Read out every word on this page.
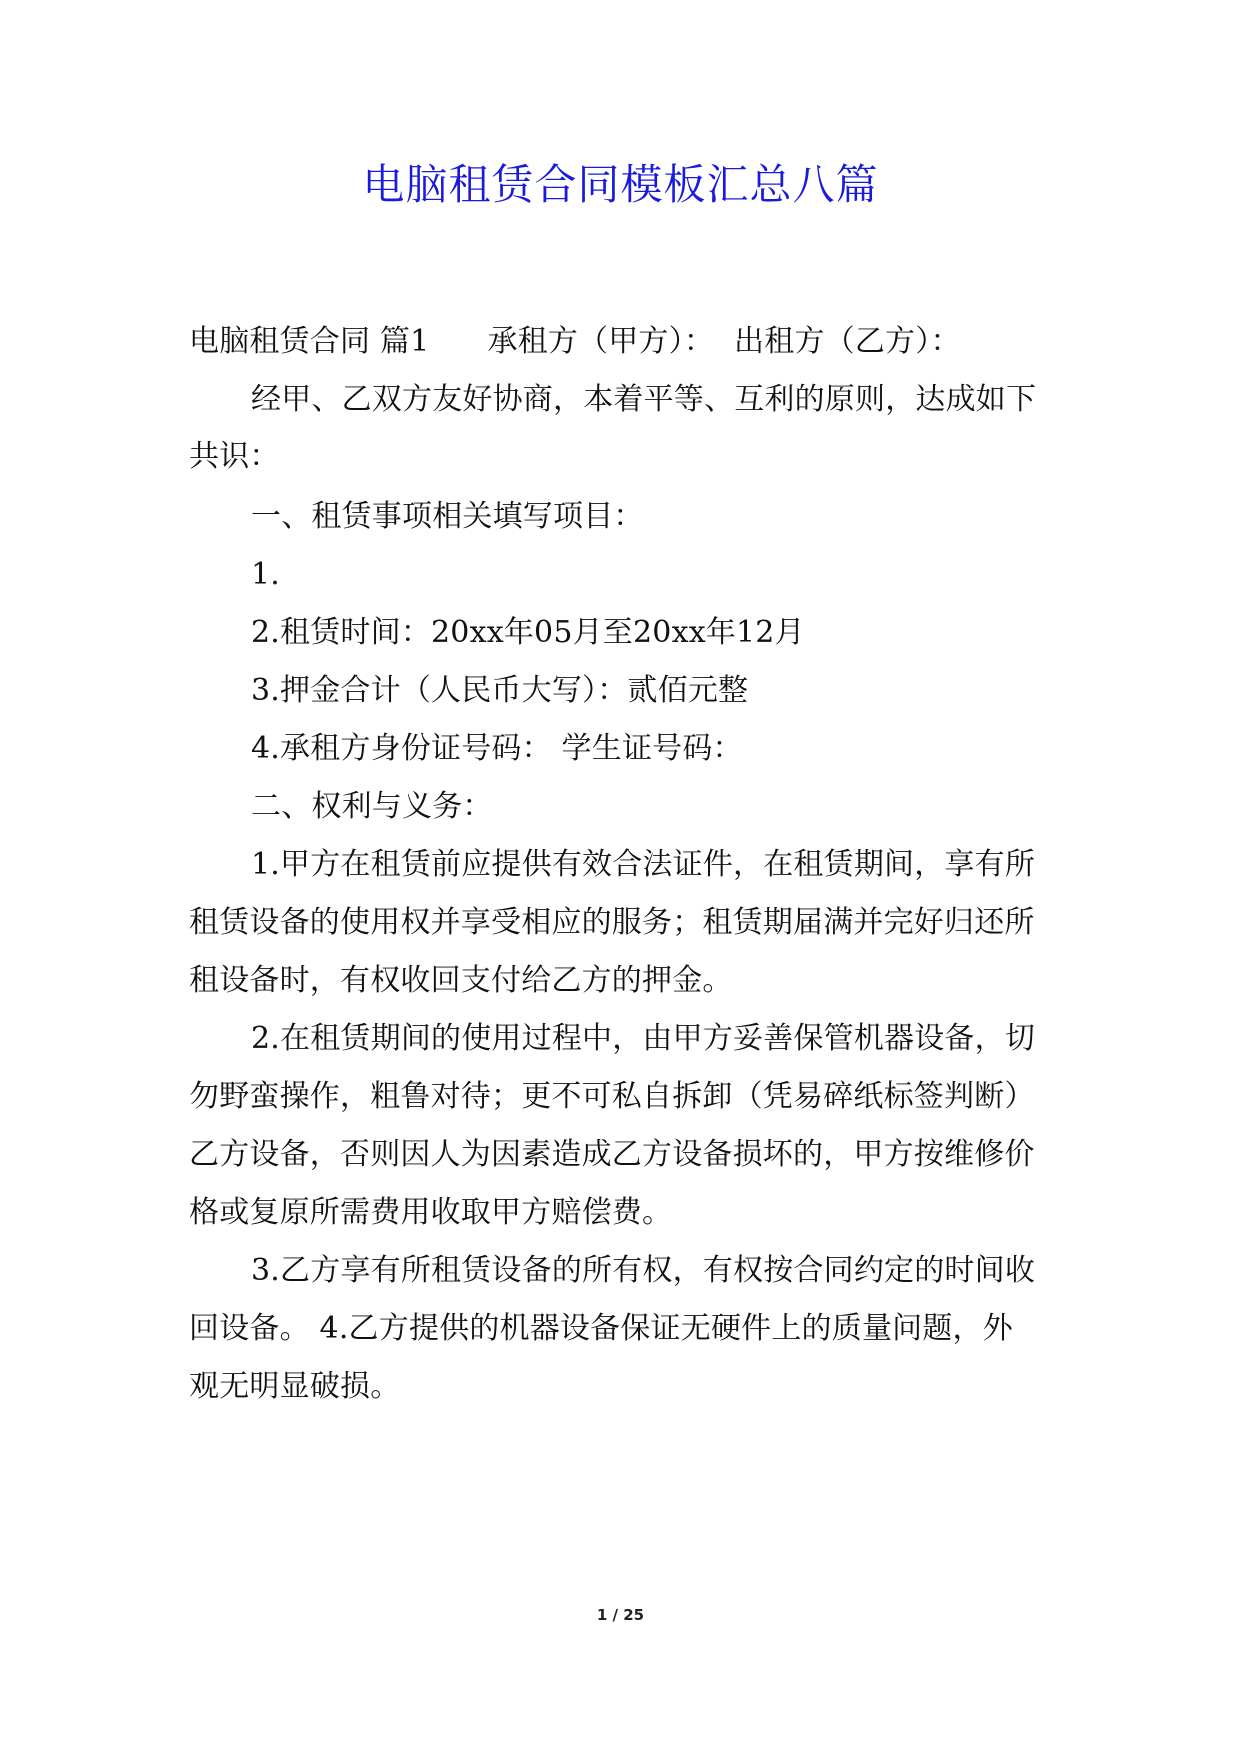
电脑租赁合同模板汇总八篇
电脑租赁合同 篇1 承租方（甲方）： 出租方（乙方）：
经甲、乙双方友好协商，本着平等、互利的原则，达成如下
共识：
一、租赁事项相关填写项目：
1.
2.租赁时间：20xx年05月至20xx年12月
3.押金合计（人民币大写）：贰佰元整
4.承租方身份证号码： 学生证号码：
二、权利与义务：
1.甲方在租赁前应提供有效合法证件，在租赁期间，享有所
租赁设备的使用权并享受相应的服务；租赁期届满并完好归还所
租设备时，有权收回支付给乙方的押金。
2.在租赁期间的使用过程中，由甲方妥善保管机器设备，切
勿野蛮操作，粗鲁对待；更不可私自拆卸（凭易碎纸标签判断）
乙方设备，否则因人为因素造成乙方设备损坏的，甲方按维修价
格或复原所需费用收取甲方赔偿费。
3.乙方享有所租赁设备的所有权，有权按合同约定的时间收
回设备。 4.乙方提供的机器设备保证无硬件上的质量问题，外
观无明显破损。
1 / 25
